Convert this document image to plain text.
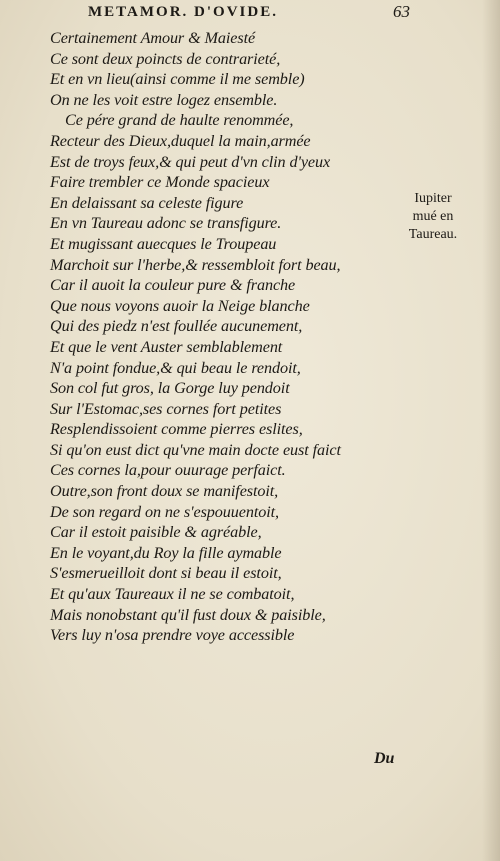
METAMOR. D'OVIDE.	63
Certainement Amour & Maiesté
Ce sont deux poincts de contrarieté,
Et en vn lieu(ainsi comme il me semble)
On ne les voit estre logez ensemble.
Ce pére grand de haulte renommée,
Recteur des Dieux,duquel la main,armée
Est de troys feux,& qui peut d'vn clin d'yeux
Faire trembler ce Monde spacieux
En delaissant sa celeste figure
En vn Taureau adonc se transfigure.
Et mugissant auecques le Troupeau
Marchoit sur l'herbe,& ressembloit fort beau,
Car il auoit la couleur pure & franche
Que nous voyons auoir la Neige blanche
Qui des piedz n'est foullée aucunement,
Et que le vent Auster semblablement
N'a point fondue,& qui beau le rendoit,
Son col fut gros, la Gorge luy pendoit
Sur l'Estomac,ses cornes fort petites
Resplendissoient comme pierres eslites,
Si qu'on eust dict qu'vne main docte eust faict
Ces cornes la,pour ouurage perfaict.
Outre,son front doux se manifestoit,
De son regard on ne s'espouuentoit,
Car il estoit paisible & agréable,
En le voyant,du Roy la fille aymable
S'esmerueilloit dont si beau il estoit,
Et qu'aux Taureaux il ne se combatoit,
Mais nonobstant qu'il fust doux & paisible,
Vers luy n'osa prendre voye accessible
Iupiter
mué en
Taureau.
Du
